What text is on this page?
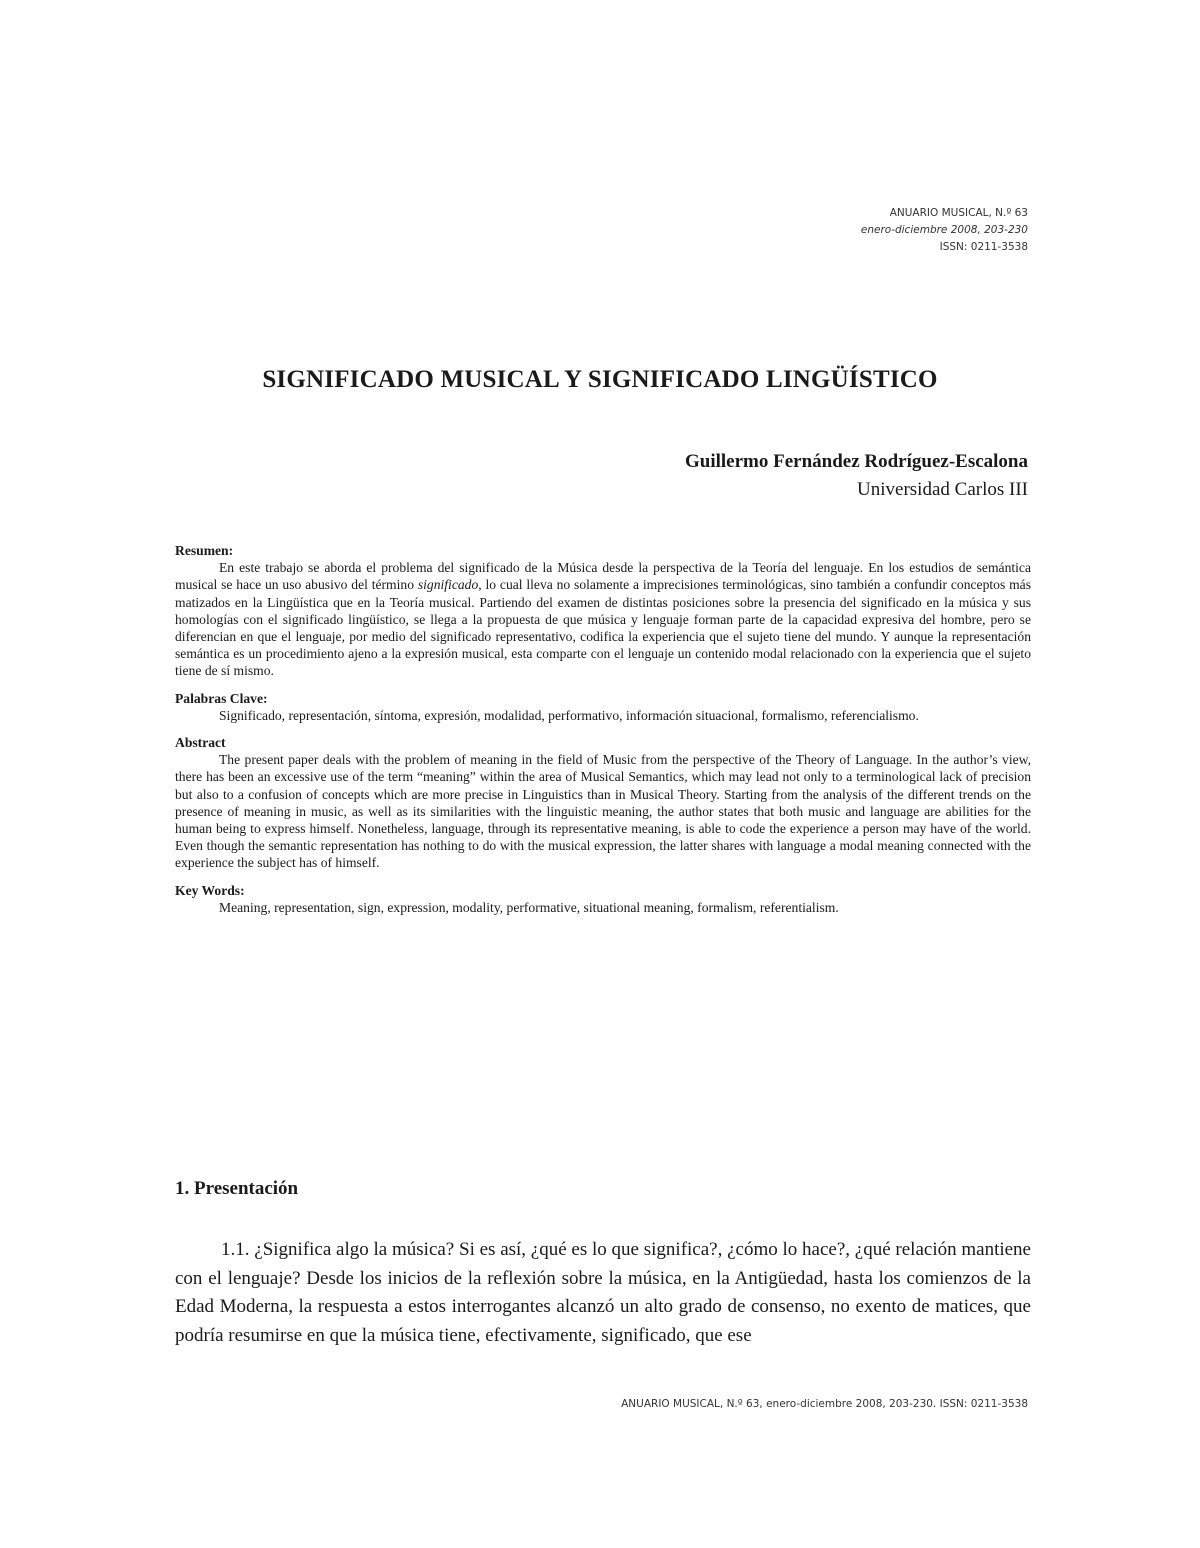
ANUARIO MUSICAL, N.º 63
enero-diciembre 2008, 203-230
ISSN: 0211-3538
SIGNIFICADO MUSICAL Y SIGNIFICADO LINGÜÍSTICO
Guillermo Fernández Rodríguez-Escalona
Universidad Carlos III
Resumen:
En este trabajo se aborda el problema del significado de la Música desde la perspectiva de la Teoría del lenguaje. En los estudios de semántica musical se hace un uso abusivo del término significado, lo cual lleva no solamente a imprecisiones terminológicas, sino también a confundir conceptos más matizados en la Lingüística que en la Teoría musical. Partiendo del examen de distintas posiciones sobre la presencia del significado en la música y sus homologías con el significado lingüístico, se llega a la propuesta de que música y lenguaje forman parte de la capacidad expresiva del hombre, pero se diferencian en que el lenguaje, por medio del significado representativo, codifica la experiencia que el sujeto tiene del mundo. Y aunque la representación semántica es un procedimiento ajeno a la expresión musical, esta comparte con el lenguaje un contenido modal relacionado con la experiencia que el sujeto tiene de sí mismo.
Palabras Clave:
Significado, representación, síntoma, expresión, modalidad, performativo, información situacional, formalismo, referencialismo.
Abstract
The present paper deals with the problem of meaning in the field of Music from the perspective of the Theory of Language. In the author’s view, there has been an excessive use of the term “meaning” within the area of Musical Semantics, which may lead not only to a terminological lack of precision but also to a confusion of concepts which are more precise in Linguistics than in Musical Theory. Starting from the analysis of the different trends on the presence of meaning in music, as well as its similarities with the linguistic meaning, the author states that both music and language are abilities for the human being to express himself. Nonetheless, language, through its representative meaning, is able to code the experience a person may have of the world. Even though the semantic representation has nothing to do with the musical expression, the latter shares with language a modal meaning connected with the experience the subject has of himself.
Key Words:
Meaning, representation, sign, expression, modality, performative, situational meaning, formalism, referentialism.
1. Presentación
1.1. ¿Significa algo la música? Si es así, ¿qué es lo que significa?, ¿cómo lo hace?, ¿qué relación mantiene con el lenguaje? Desde los inicios de la reflexión sobre la música, en la Antigüedad, hasta los comienzos de la Edad Moderna, la respuesta a estos interrogantes alcanzó un alto grado de consenso, no exento de matices, que podría resumirse en que la música tiene, efectivamente, significado, que ese
ANUARIO MUSICAL, N.º 63, enero-diciembre 2008, 203-230. ISSN: 0211-3538
